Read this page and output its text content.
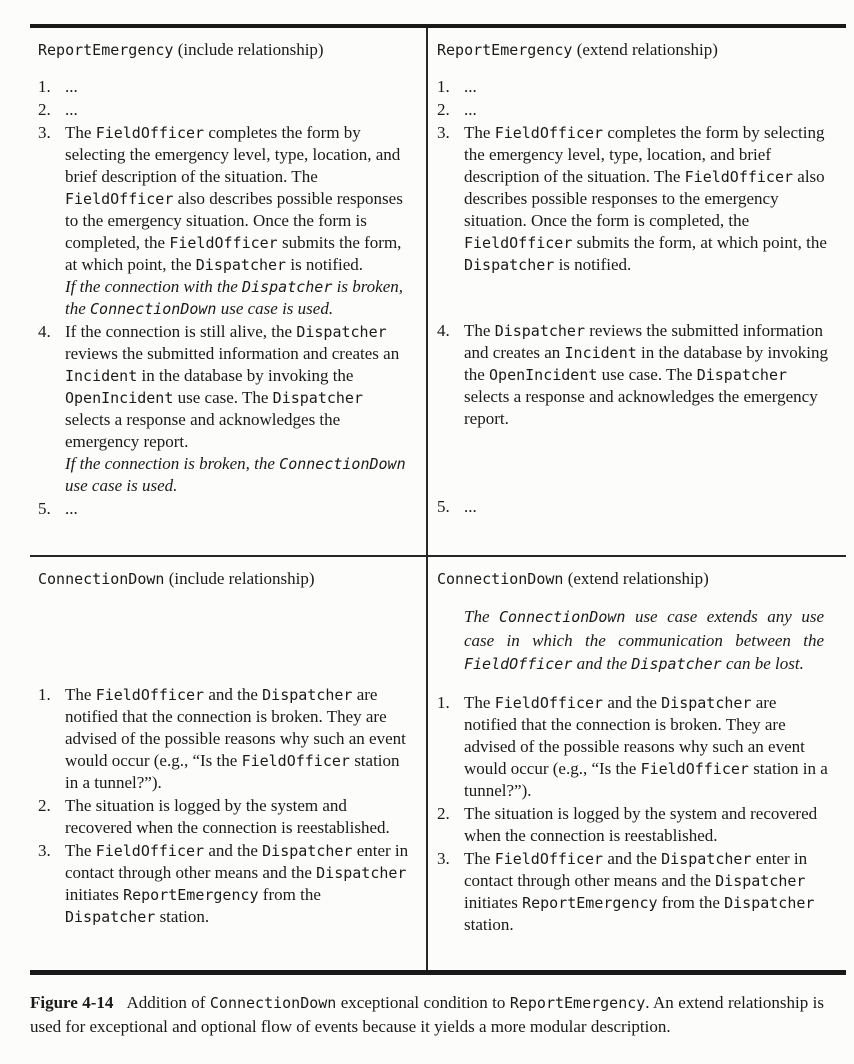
ReportEmergency (include relationship)
1. ...

2. ...

3. The FieldOfficer completes the form by selecting the emergency level, type, location, and brief description of the situation. The FieldOfficer also describes possible responses to the emergency situation. Once the form is completed, the FieldOfficer submits the form, at which point, the Dispatcher is notified.

If the connection with the Dispatcher is broken, the ConnectionDown use case is used.

4. If the connection is still alive, the Dispatcher reviews the submitted information and creates an Incident in the database by invoking the OpenIncident use case. The Dispatcher selects a response and acknowledges the emergency report.

If the connection is broken, the ConnectionDown use case is used.

5. ...

ReportEmergency (extend relationship)
1. ...

2. ...

3. The FieldOfficer completes the form by selecting the emergency level, type, location, and brief description of the situation. The FieldOfficer also describes possible responses to the emergency situation. Once the form is completed, the FieldOfficer submits the form, at which point, the Dispatcher is notified.

4. The Dispatcher reviews the submitted information and creates an Incident in the database by invoking the OpenIncident use case. The Dispatcher selects a response and acknowledges the emergency report.

5. ...

ConnectionDown (include relationship)
1. The FieldOfficer and the Dispatcher are notified that the connection is broken. They are advised of the possible reasons why such an event would occur (e.g., “Is the FieldOfficer station in a tunnel?”).

2. The situation is logged by the system and recovered when the connection is reestablished.

3. The FieldOfficer and the Dispatcher enter in contact through other means and the Dispatcher initiates ReportEmergency from the Dispatcher station.

ConnectionDown (extend relationship)

The ConnectionDown use case extends any use case in which the communication between the FieldOfficer and the Dispatcher can be lost.

1. The FieldOfficer and the Dispatcher are notified that the connection is broken. They are advised of the possible reasons why such an event would occur (e.g., “Is the FieldOfficer station in a tunnel?”).

2. The situation is logged by the system and recovered when the connection is reestablished.

3. The FieldOfficer and the Dispatcher enter in contact through other means and the Dispatcher initiates ReportEmergency from the Dispatcher station.

Figure 4-14 Addition of ConnectionDown exceptional condition to ReportEmergency. An extend relationship is used for exceptional and optional flow of events because it yields a more modular description.
